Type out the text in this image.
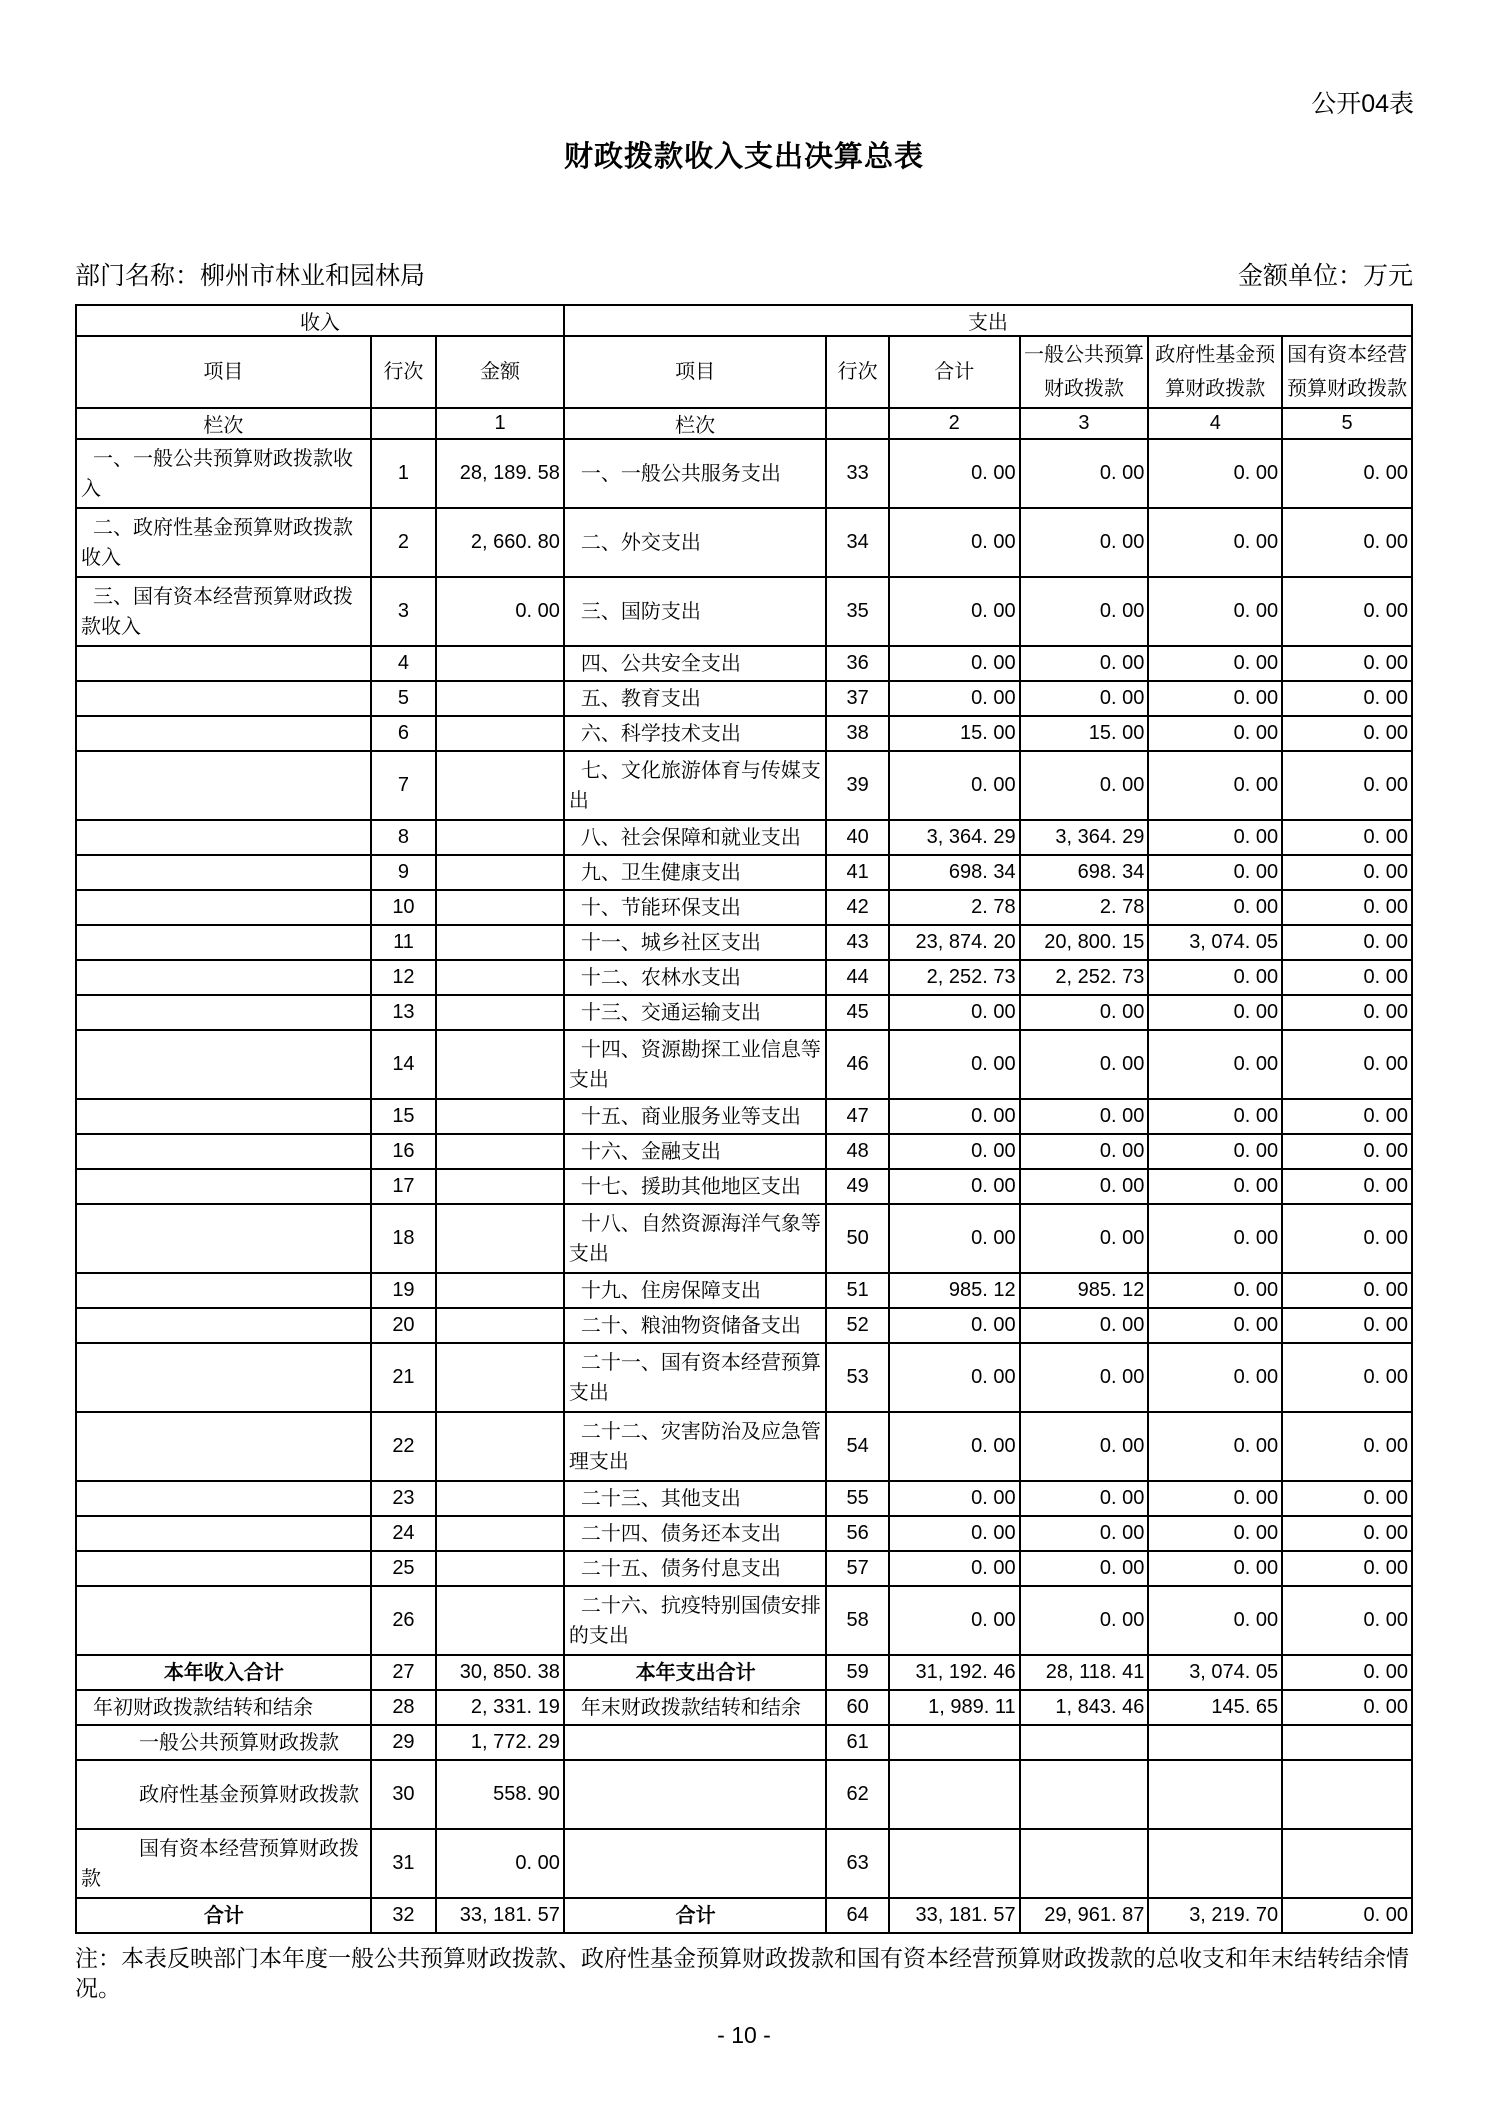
公开04表
财政拨款收入支出决算总表
部门名称：柳州市林业和园林局	金额单位：万元
收入			支出					
项目	行次	金额	项目	行次	合计	一般公共预算财政拨款	政府性基金预算财政拨款	国有资本经营预算财政拨款
栏次		1	栏次		2	3	4	5
一、一般公共预算财政拨款收入	1	28, 189. 58	一、一般公共服务支出	33	0. 00	0. 00	0. 00	0. 00
二、政府性基金预算财政拨款收入	2	2, 660. 80	二、外交支出	34	0. 00	0. 00	0. 00	0. 00
三、国有资本经营预算财政拨款收入	3	0. 00	三、国防支出	35	0. 00	0. 00	0. 00	0. 00
	4		四、公共安全支出	36	0. 00	0. 00	0. 00	0. 00
	5		五、教育支出	37	0. 00	0. 00	0. 00	0. 00
	6		六、科学技术支出	38	15. 00	15. 00	0. 00	0. 00
	7		七、文化旅游体育与传媒支出	39	0. 00	0. 00	0. 00	0. 00
	8		八、社会保障和就业支出	40	3, 364. 29	3, 364. 29	0. 00	0. 00
	9		九、卫生健康支出	41	698. 34	698. 34	0. 00	0. 00
	10		十、节能环保支出	42	2. 78	2. 78	0. 00	0. 00
	11		十一、城乡社区支出	43	23, 874. 20	20, 800. 15	3, 074. 05	0. 00
	12		十二、农林水支出	44	2, 252. 73	2, 252. 73	0. 00	0. 00
	13		十三、交通运输支出	45	0. 00	0. 00	0. 00	0. 00
	14		十四、资源勘探工业信息等支出	46	0. 00	0. 00	0. 00	0. 00
	15		十五、商业服务业等支出	47	0. 00	0. 00	0. 00	0. 00
	16		十六、金融支出	48	0. 00	0. 00	0. 00	0. 00
	17		十七、援助其他地区支出	49	0. 00	0. 00	0. 00	0. 00
	18		十八、自然资源海洋气象等支出	50	0. 00	0. 00	0. 00	0. 00
	19		十九、住房保障支出	51	985. 12	985. 12	0. 00	0. 00
	20		二十、粮油物资储备支出	52	0. 00	0. 00	0. 00	0. 00
	21		二十一、国有资本经营预算支出	53	0. 00	0. 00	0. 00	0. 00
	22		二十二、灾害防治及应急管理支出	54	0. 00	0. 00	0. 00	0. 00
	23		二十三、其他支出	55	0. 00	0. 00	0. 00	0. 00
	24		二十四、债务还本支出	56	0. 00	0. 00	0. 00	0. 00
	25		二十五、债务付息支出	57	0. 00	0. 00	0. 00	0. 00
	26		二十六、抗疫特别国债安排的支出	58	0. 00	0. 00	0. 00	0. 00
本年收入合计	27	30, 850. 38	本年支出合计	59	31, 192. 46	28, 118. 41	3, 074. 05	0. 00
年初财政拨款结转和结余	28	2, 331. 19	年末财政拨款结转和结余	60	1, 989. 11	1, 843. 46	145. 65	0. 00
一般公共预算财政拨款	29	1, 772. 29		61				
政府性基金预算财政拨款	30	558. 90		62				
国有资本经营预算财政拨款	31	0. 00		63				
合计	32	33, 181. 57	合计	64	33, 181. 57	29, 961. 87	3, 219. 70	0. 00
注：本表反映部门本年度一般公共预算财政拨款、政府性基金预算财政拨款和国有资本经营预算财政拨款的总收支和年末结转结余情况。
- 10 -
